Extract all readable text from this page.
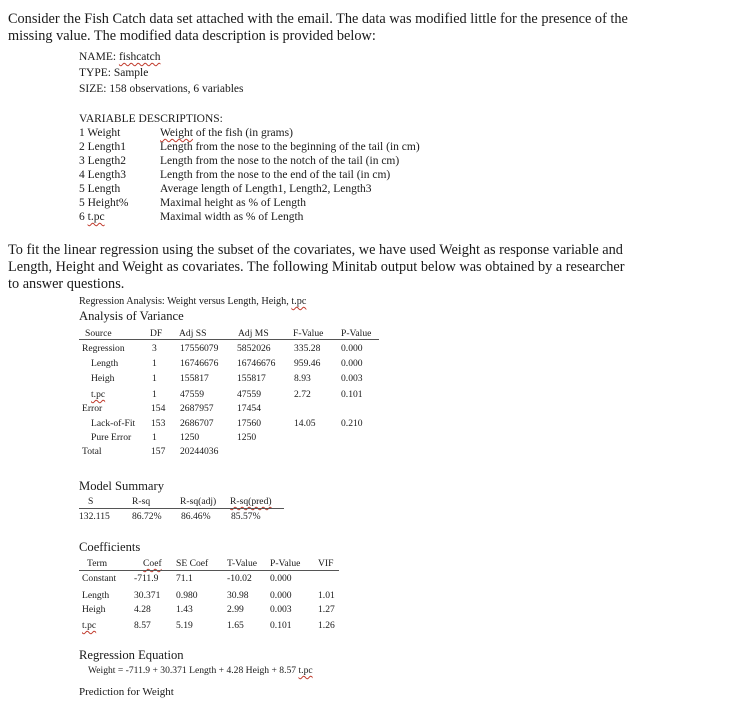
Consider the Fish Catch data set attached with the email. The data was modified little for the presence of the
missing value. The modified data description is provided below:
NAME: fishcatch
TYPE: Sample
SIZE: 158 observations, 6 variables
VARIABLE DESCRIPTIONS:
1 Weight	Weight of the fish (in grams)
2 Length1	Length from the nose to the beginning of the tail (in cm)
3 Length2	Length from the nose to the notch of the tail (in cm)
4 Length3	Length from the nose to the end of the tail (in cm)
5 Length	Average length of Length1, Length2, Length3
5 Height%	Maximal height as % of Length
6 t.pc	Maximal width as % of Length
To fit the linear regression using the subset of the covariates, we have used Weight as response variable and
Length, Height and Weight as covariates. The following Minitab output below was obtained by a researcher
to answer questions.
Regression Analysis: Weight versus Length, Heigh, t.pc
Analysis of Variance
Source	DF Adj SS	Adj MS	F-Value P-Value
Regression	3 17556079 5852026 335.28 0.000
Length	1 16746676 16746676 959.46 0.000
Heigh	1 155817	155817	8.93	0.003
t.pc	1 47559	47559	2.72	0.101
Error	154 2687957 17454
Lack-of-Fit 153 2686707 17560	14.05	0.210
Pure Error 1 1250	1250
Total	157 20244036
Model Summary
S	R-sq	R-sq(adj) R-sq(pred)
132.115 86.72% 86.46% 85.57%
Coefficients
Term	Coef SE Coef T-Value P-Value VIF
Constant -711.9 71.1	-10.02 0.000
Length	30.371 0.980	30.98 0.000	1.01
Heigh	4.28	1.43	2.99	0.003	1.27
t.pc	8.57	5.19	1.65	0.101	1.26
Regression Equation
Weight = -711.9 + 30.371 Length + 4.28 Heigh + 8.57 t.pc
Prediction for Weight
